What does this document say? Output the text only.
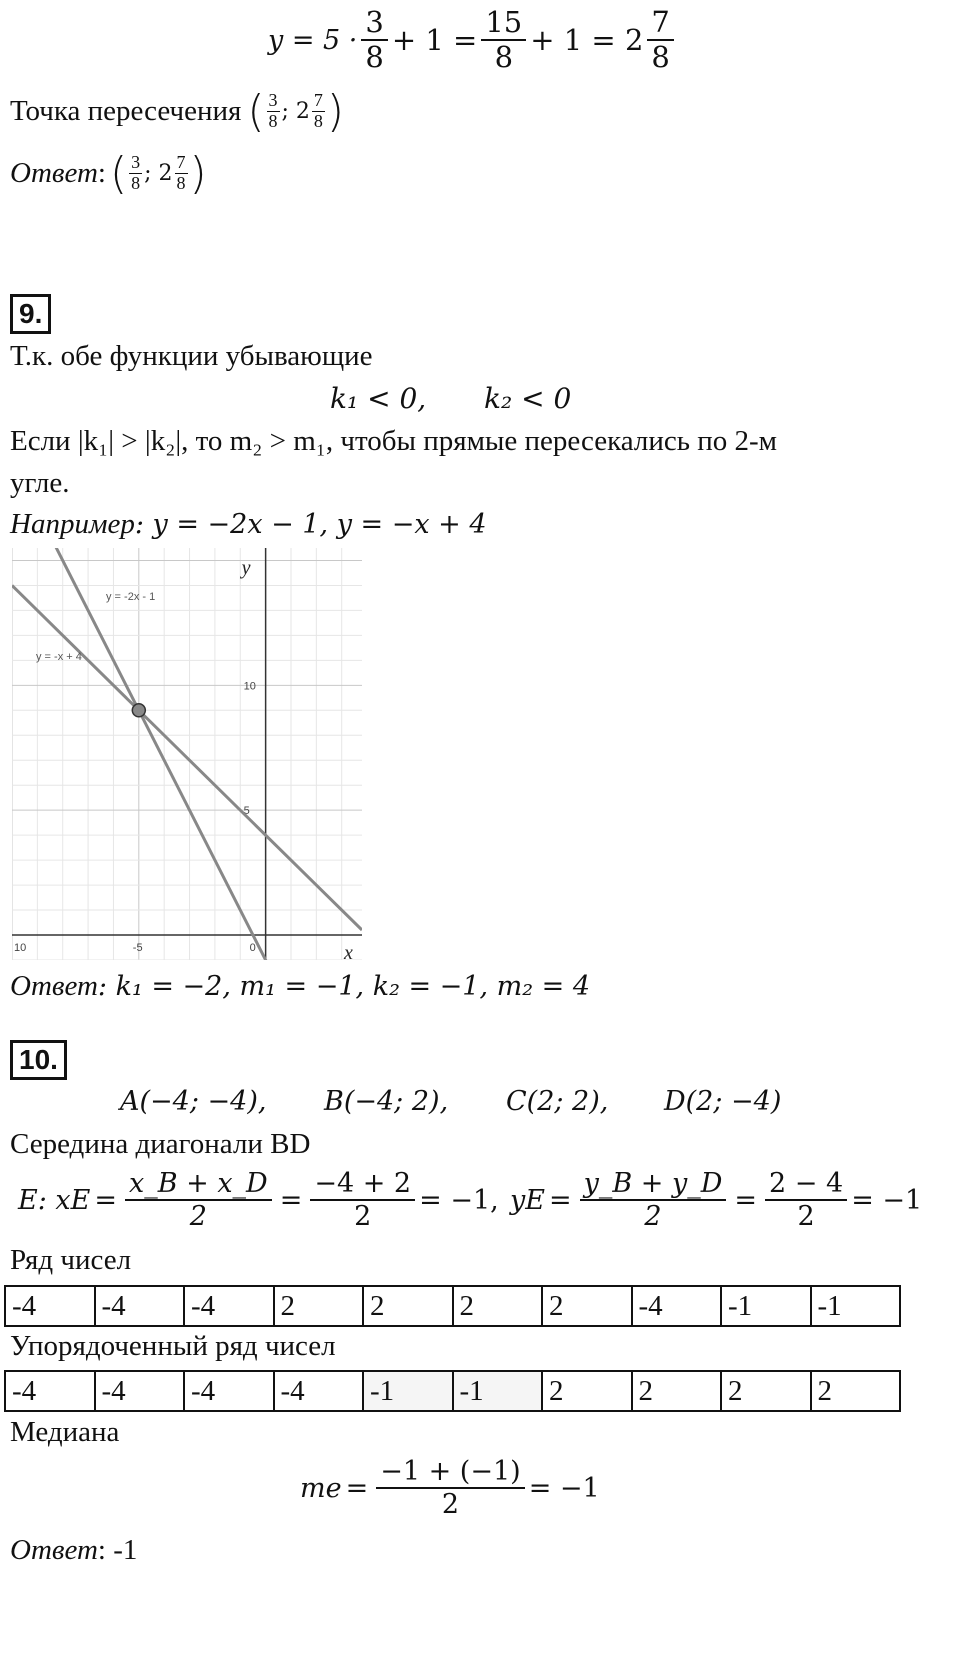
$y = 5 \cdot \frac{3}{8} + 1 = \frac{15}{8} + 1 = 2 \frac{7}{8}$
Точка пересечения ( $\frac{3}{8}$ ; $2 \frac{7}{8}$ )
Ответ : ( $\frac{3}{8}$ ; $2 \frac{7}{8}$ )
9.
Т.к. обе функции убывающие
k₁ < 0, k₂ < 0
Если |k₁| > |k₂|, то m₂ > m₁, чтобы прямые пересекались по 2-м
угле.
Например: y = −2x − 1, y = −x + 4
10	-5	0
10
5
x
y
y = -2x - 1
y = -x + 4
Ответ: k₁ = −2, m₁ = −1, k₂ = −1, m₂ = 4
10.
A(−4; −4), B(−4; 2), C(2; 2), D(2; −4)
Середина диагонали BD
E: x $E = \frac{x\_B + x\_D}{2} = \frac{-4 + 2}{2} = -1$, y $E = \frac{y\_B + y\_D}{2} = \frac{2 - 4}{2} = -1$
Ряд чисел
-4	-4	-4	2	2	2	2	-4	-1	-1
Упорядоченный ряд чисел
-4	-4	-4	-4	-1	-1	2	2	2	2
Медиана
m $e = \frac{-1 + (-1)}{2} = -1$
Ответ: -1
